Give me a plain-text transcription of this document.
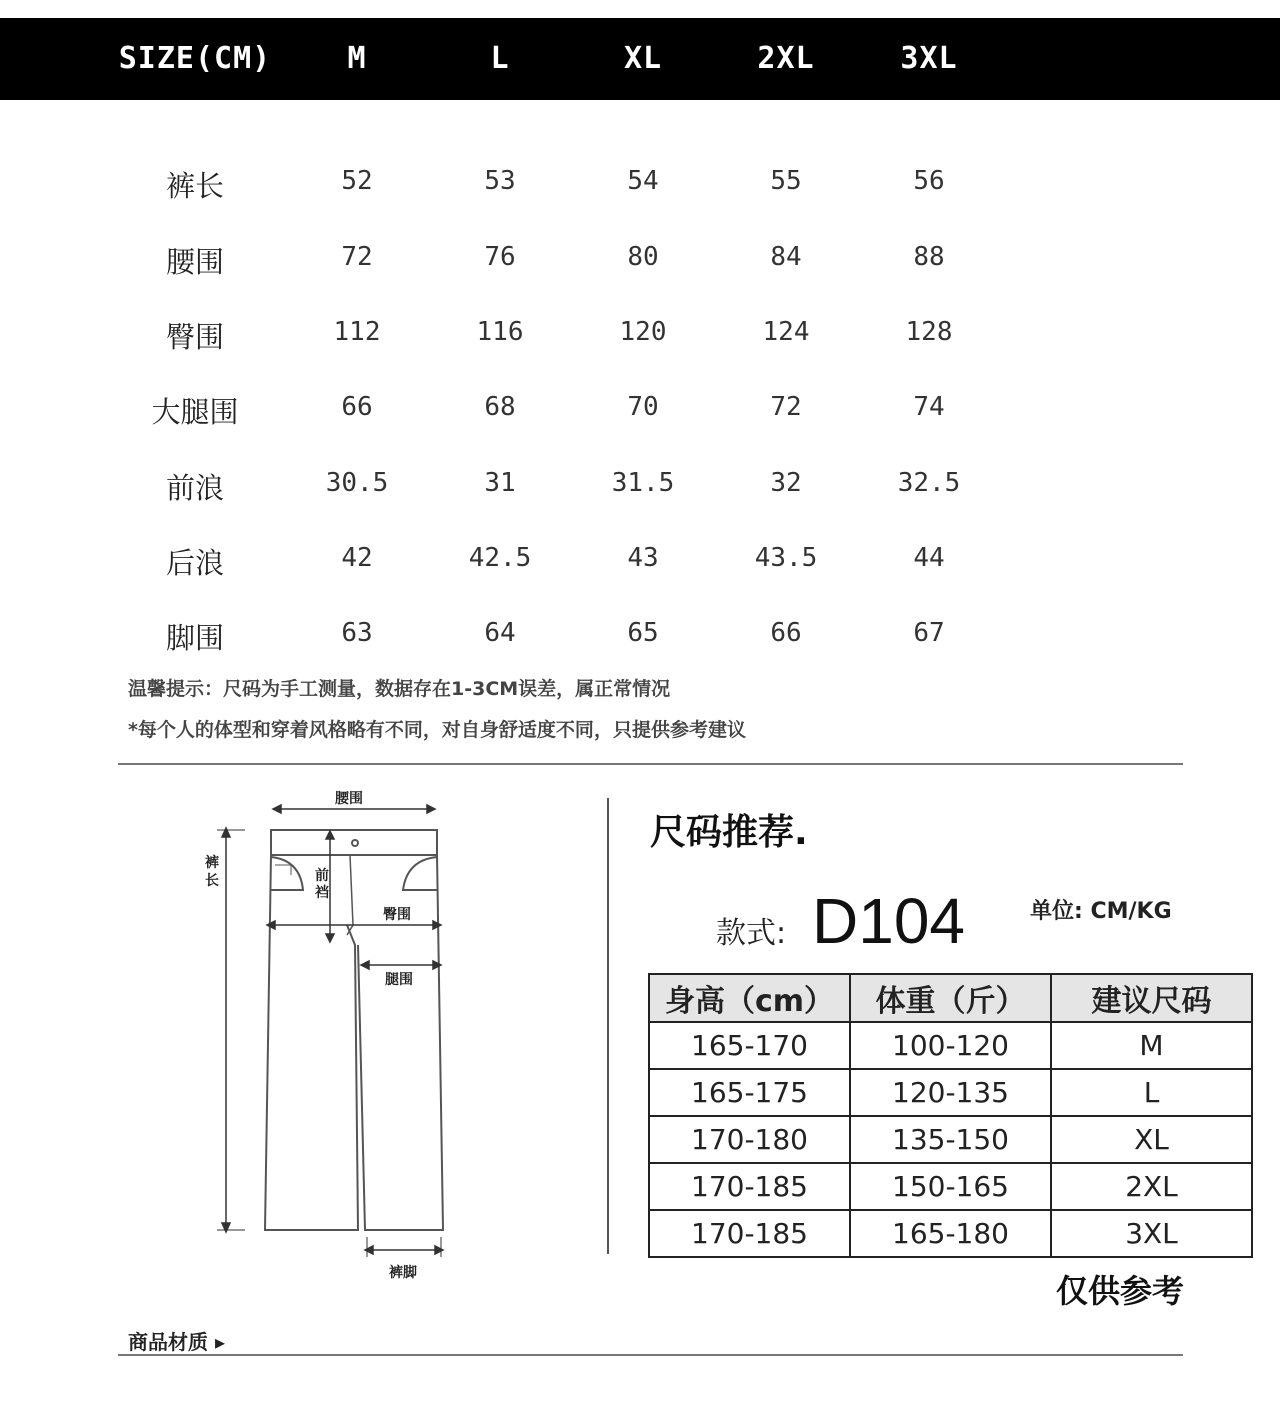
SIZE(CM)	M	L	XL	2XL	3XL
裤长	52	53	54	55	56
腰围	72	76	80	84	88
臀围	112	116	120	124	128
大腿围	66	68	70	72	74
前浪	30.5	31	31.5	32	32.5
后浪	42	42.5	43	43.5	44
脚围	63	64	65	66	67
温馨提示：尺码为手工测量，数据存在1-3CM误差，属正常情况
*每个人的体型和穿着风格略有不同，对自身舒适度不同，只提供参考建议
腰围
裤
长	前
裆
臀围
腿围
裤脚
尺码推荐.
款式: D104	单位: CM/KG
身高（cm）	体重（斤）	建议尺码
165-170	100-120	M
165-175	120-135	L
170-180	135-150	XL
170-185	150-165	2XL
170-185	165-180	3XL
仅供参考
商品材质 ▸
